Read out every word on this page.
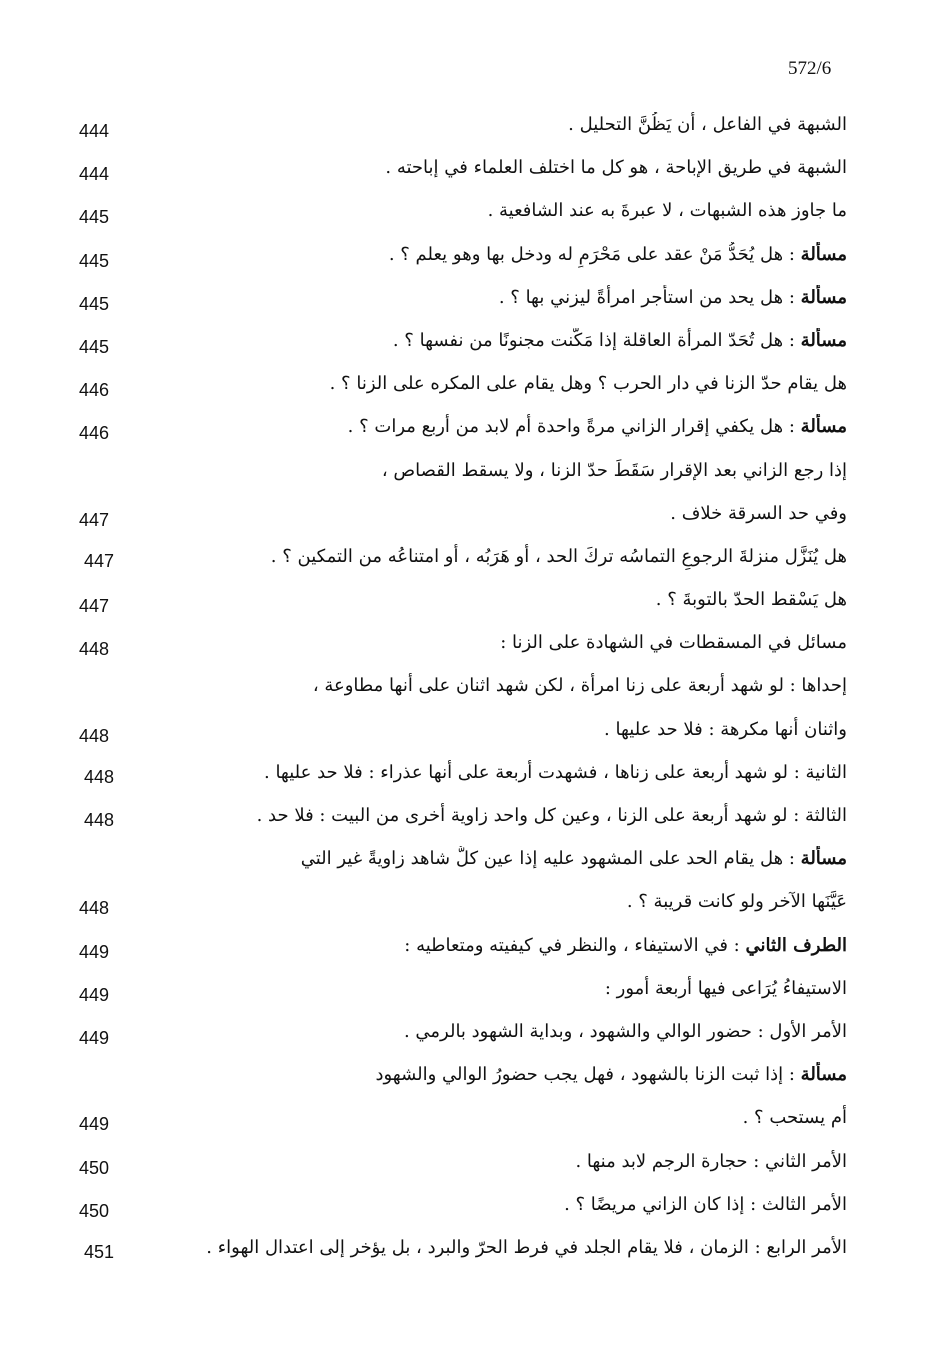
572/6
الشبهة في الفاعل ، أن يَظُنَّ التحليل .
444
الشبهة في طريق الإباحة ، هو كل ما اختلف العلماء في إباحته .
444
ما جاوز هذه الشبهات ، لا عبرةَ به عند الشافعية .
445
مسألة : هل يُحَدُّ مَنْ عقد على مَحْرَمٍ له ودخل بها وهو يعلم ؟ .
445
مسألة : هل يحد من استأجر امرأةً ليزني بها ؟ .
445
مسألة : هل تُحَدّ المرأة العاقلة إذا مَكّنت مجنونًا من نفسها ؟ .
445
هل يقام حدّ الزنا في دار الحرب ؟ وهل يقام على المكره على الزنا ؟ .
446
مسألة : هل يكفي إقرار الزاني مرةً واحدة أم لابد من أربع مرات ؟ .
446
إذا رجع الزاني بعد الإقرار سَقَطَ حدّ الزنا ، ولا يسقط القصاص ،
وفي حد السرقة خلاف .
447
هل يُنَزَّل منزلةَ الرجوعِ التماسُه تركَ الحد ، أو هَرَبُه ، أو امتناعُه من التمكين ؟ .
447
هل يَسْقط الحدّ بالتوبةَ ؟ .
447
مسائل في المسقطات في الشهادة على الزنا :
448
إحداها : لو شهد أربعة على زنا امرأة ، لكن شهد اثنان على أنها مطاوعة ،
واثنان أنها مكرهة : فلا حد عليها .
448
الثانية : لو شهد أربعة على زناها ، فشهدت أربعة على أنها عذراء : فلا حد عليها .
448
الثالثة : لو شهد أربعة على الزنا ، وعين كل واحد زاوية أخرى من البيت : فلا حد .
448
مسألة : هل يقام الحد على المشهود عليه إذا عين كلٌّ شاهد زاويةً غير التي
عَيَّنَها الآخر ولو كانت قريبة ؟ .
448
الطرف الثاني : في الاستيفاء ، والنظر في كيفيته ومتعاطيه :
449
الاستيفاءُ يُرَاعى فيها أربعة أمور :
449
الأمر الأول : حضور الوالي والشهود ، وبداية الشهود بالرمي .
449
مسألة : إذا ثبت الزنا بالشهود ، فهل يجب حضورُ الوالي والشهود
أم يستحب ؟ .
449
الأمر الثاني : حجارة الرجم لابد منها .
450
الأمر الثالث : إذا كان الزاني مريضًا ؟ .
450
الأمر الرابع : الزمان ، فلا يقام الجلد في فرط الحرّ والبرد ، بل يؤخر إلى اعتدال الهواء .
451
